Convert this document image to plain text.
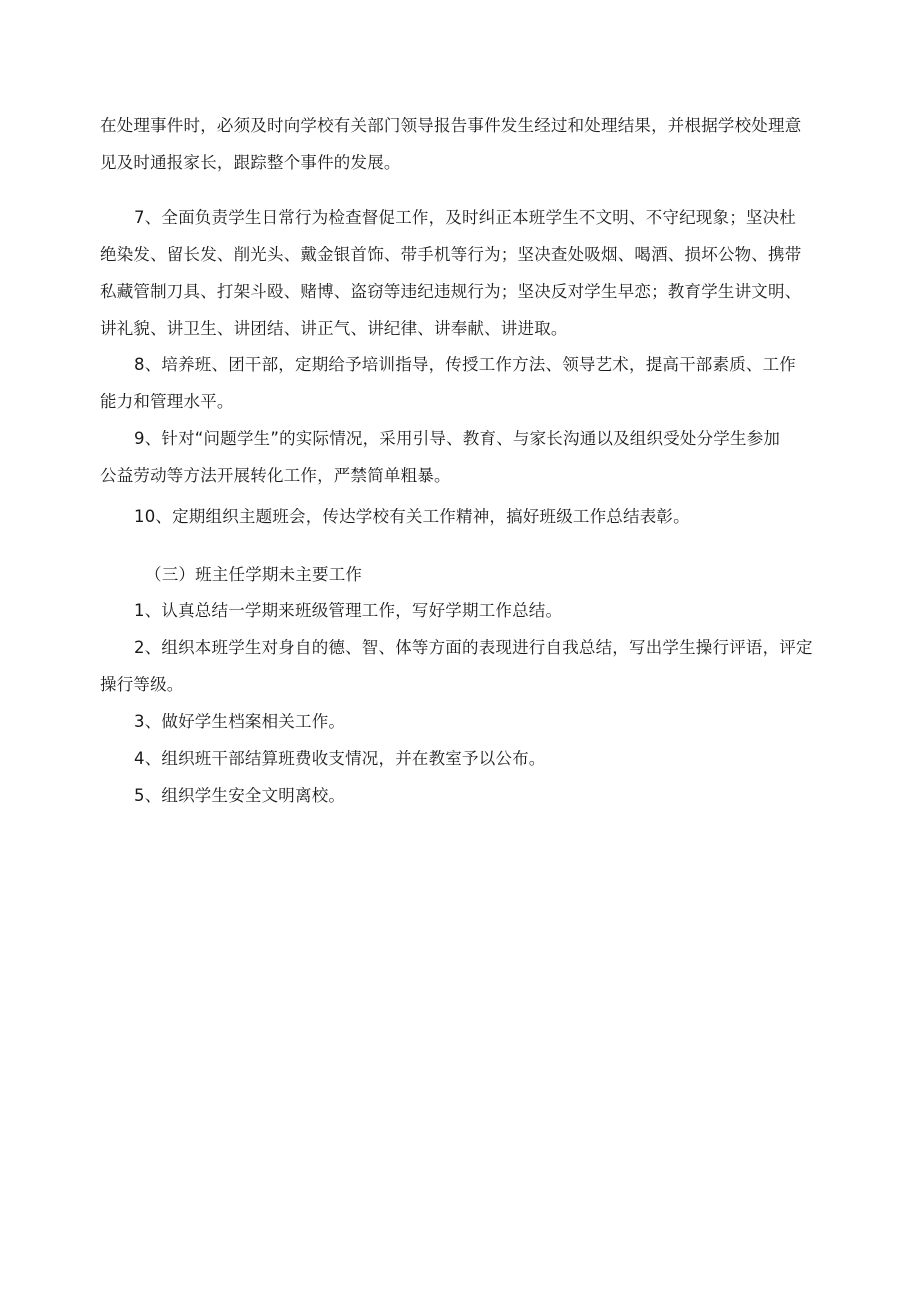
在处理事件时，必须及时向学校有关部门领导报告事件发生经过和处理结果，并根据学校处理意
见及时通报家长，跟踪整个事件的发展。
7、全面负责学生日常行为检查督促工作，及时纠正本班学生不文明、不守纪现象；坚决杜
绝染发、留长发、削光头、戴金银首饰、带手机等行为；坚决查处吸烟、喝酒、损坏公物、携带
私藏管制刀具、打架斗殴、赌博、盗窃等违纪违规行为；坚决反对学生早恋；教育学生讲文明、
讲礼貌、讲卫生、讲团结、讲正气、讲纪律、讲奉献、讲进取。
8、培养班、团干部，定期给予培训指导，传授工作方法、领导艺术，提高干部素质、工作
能力和管理水平。
9、针对“问题学生”的实际情况，采用引导、教育、与家长沟通以及组织受处分学生参加
公益劳动等方法开展转化工作，严禁简单粗暴。
10、定期组织主题班会，传达学校有关工作精神，搞好班级工作总结表彰。
（三）班主任学期未主要工作
1、认真总结一学期来班级管理工作，写好学期工作总结。
2、组织本班学生对身自的德、智、体等方面的表现进行自我总结，写出学生操行评语，评定
操行等级。
3、做好学生档案相关工作。
4、组织班干部结算班费收支情况，并在教室予以公布。
5、组织学生安全文明离校。
